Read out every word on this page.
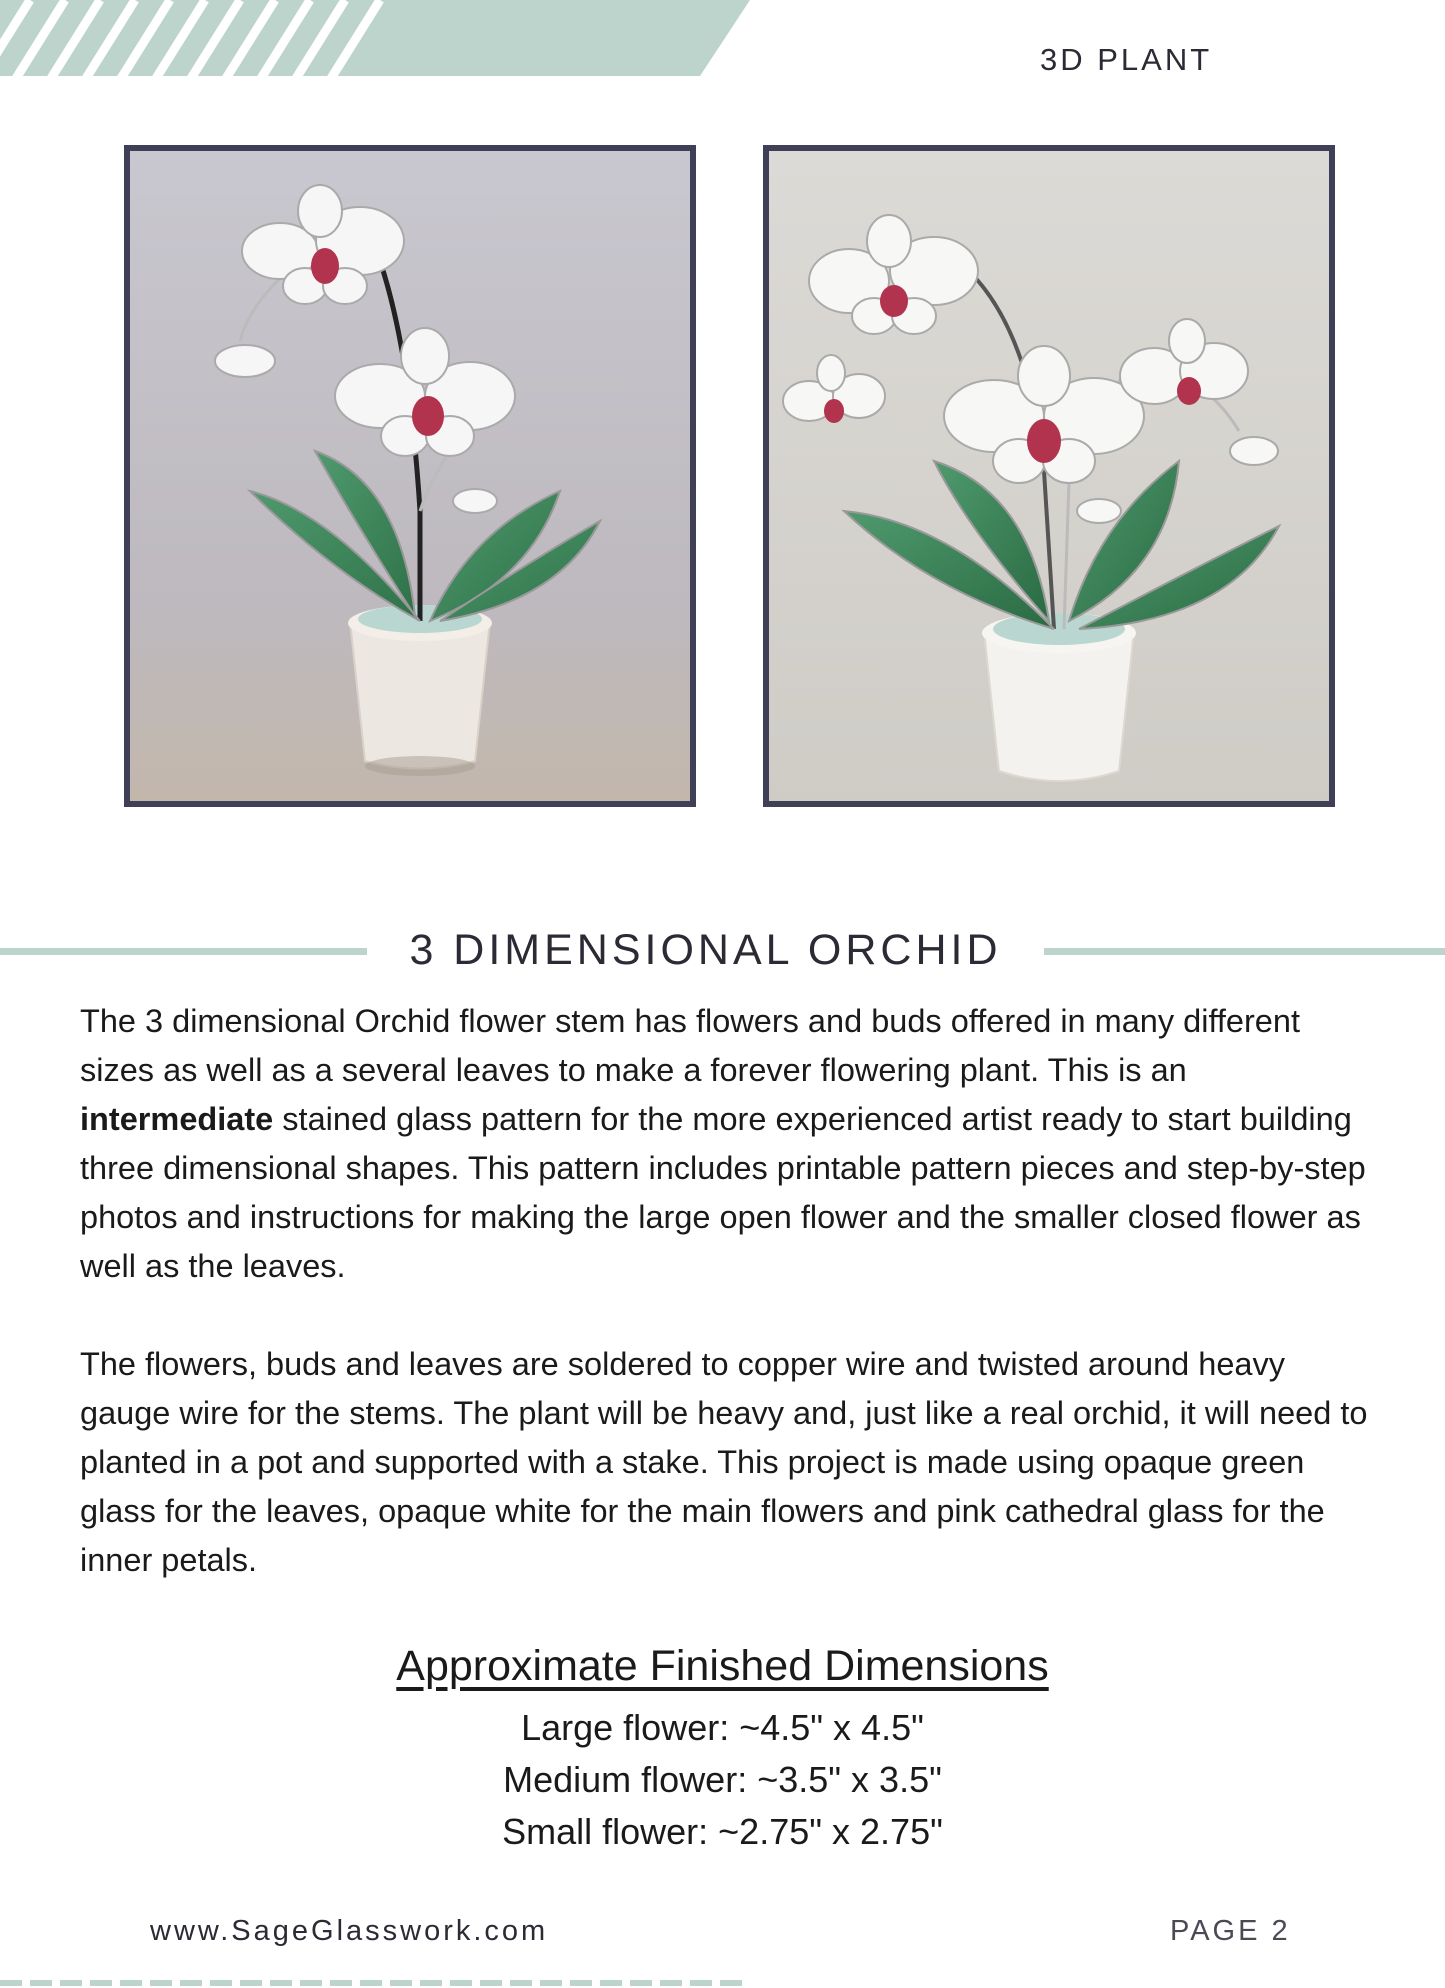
3D PLANT
3 DIMENSIONAL ORCHID

The 3 dimensional Orchid flower stem has flowers and buds offered in many different sizes as well as a several leaves to make a forever flowering plant. This is an intermediate stained glass pattern for the more experienced artist ready to start building three dimensional shapes. This pattern includes printable pattern pieces and step-by-step photos and instructions for making the large open flower and the smaller closed flower as well as the leaves.

The flowers, buds and leaves are soldered to copper wire and twisted around heavy gauge wire for the stems. The plant will be heavy and, just like a real orchid, it will need to planted in a pot and supported with a stake. This project is made using opaque green glass for the leaves, opaque white for the main flowers and pink cathedral glass for the inner petals.

Approximate Finished Dimensions
Large flower: ~4.5" x 4.5"
Medium flower: ~3.5" x 3.5"
Small flower: ~2.75" x 2.75"
www.SageGlasswork.com	PAGE 2
